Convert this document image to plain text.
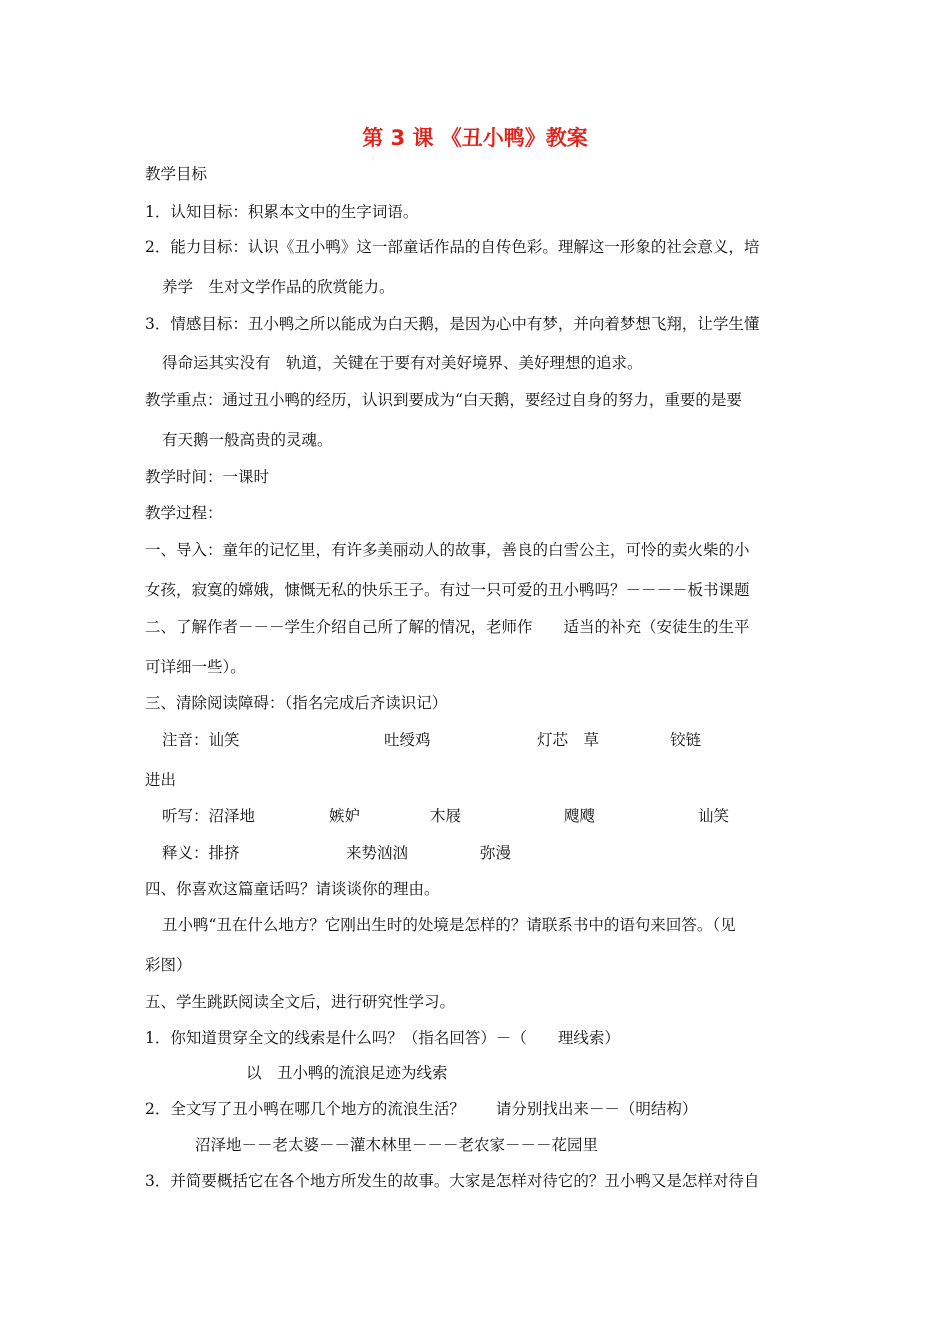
第 3 课 《丑小鸭》教案
教学目标
1．认知目标：积累本文中的生字词语。
2．能力目标：认识《丑小鸭》这一部童话作品的自传色彩。理解这一形象的社会意义，培
养学　生对文学作品的欣赏能力。
3．情感目标：丑小鸭之所以能成为白天鹅，是因为心中有梦，并向着梦想飞翔，让学生懂
得命运其实没有　轨道，关键在于要有对美好境界、美好理想的追求。
教学重点：通过丑小鸭的经历，认识到要成为“白天鹅，要经过自身的努力，重要的是要
有天鹅一般高贵的灵魂。
教学时间：一课时
教学过程：
一、导入：童年的记忆里，有许多美丽动人的故事，善良的白雪公主，可怜的卖火柴的小
女孩，寂寞的嫦娥，慷慨无私的快乐王子。有过一只可爱的丑小鸭吗？－－－－板书课题
二、了解作者－－－学生介绍自己所了解的情况，老师作　　适当的补充（安徒生的生平
可详细一些）。
三、清除阅读障碍：（指名完成后齐读识记）
注音：讪笑	吐绶鸡	灯芯　草	铰链
进出
听写：沼泽地	嫉妒	木屐	飕飕	讪笑
释义：排挤	来势汹汹	弥漫
四、你喜欢这篇童话吗？请谈谈你的理由。
丑小鸭“丑在什么地方？它刚出生时的处境是怎样的？请联系书中的语句来回答。（见
彩图）
五、学生跳跃阅读全文后，进行研究性学习。
1．你知道贯穿全文的线索是什么吗？（指名回答）－（　　理线索）
以　丑小鸭的流浪足迹为线索
2．全文写了丑小鸭在哪几个地方的流浪生活？　　请分别找出来－－（明结构）
沼泽地－－老太婆－－灌木林里－－－老农家－－－花园里
3．并简要概括它在各个地方所发生的故事。大家是怎样对待它的？丑小鸭又是怎样对待自
